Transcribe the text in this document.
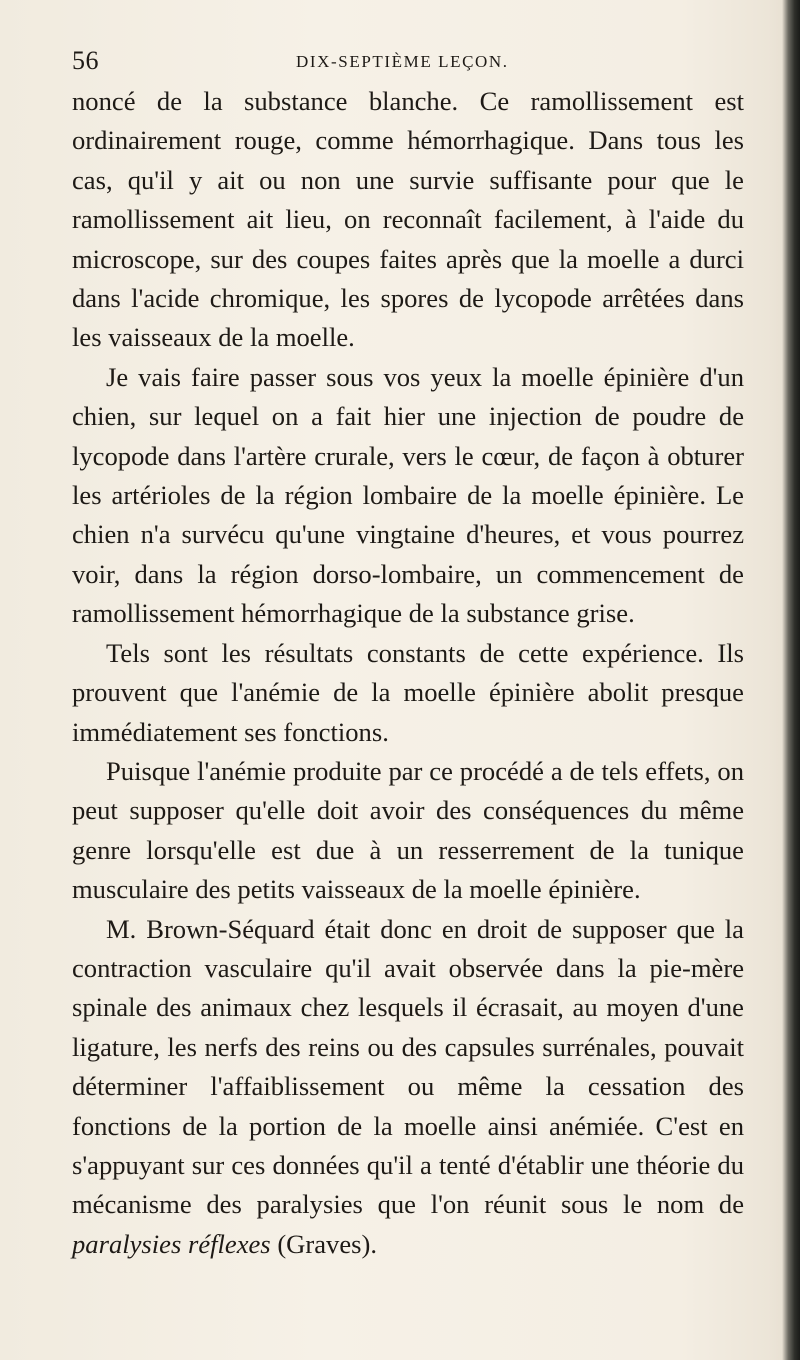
56	DIX-SEPTIÈME LEÇON.

noncé de la substance blanche. Ce ramollissement est ordinairement rouge, comme hémorrhagique. Dans tous les cas, qu'il y ait ou non une survie suffisante pour que le ramollissement ait lieu, on reconnaît facilement, à l'aide du microscope, sur des coupes faites après que la moelle a durci dans l'acide chromique, les spores de lycopode arrêtées dans les vaisseaux de la moelle.

Je vais faire passer sous vos yeux la moelle épinière d'un chien, sur lequel on a fait hier une injection de poudre de lycopode dans l'artère crurale, vers le cœur, de façon à obturer les artérioles de la région lombaire de la moelle épinière. Le chien n'a survécu qu'une vingtaine d'heures, et vous pourrez voir, dans la région dorso-lombaire, un commencement de ramollissement hémorrhagique de la substance grise.

Tels sont les résultats constants de cette expérience. Ils prouvent que l'anémie de la moelle épinière abolit presque immédiatement ses fonctions.

Puisque l'anémie produite par ce procédé a de tels effets, on peut supposer qu'elle doit avoir des conséquences du même genre lorsqu'elle est due à un resserrement de la tunique musculaire des petits vaisseaux de la moelle épinière.

M. Brown-Séquard était donc en droit de supposer que la contraction vasculaire qu'il avait observée dans la pie-mère spinale des animaux chez lesquels il écrasait, au moyen d'une ligature, les nerfs des reins ou des capsules surrénales, pouvait déterminer l'affaiblissement ou même la cessation des fonctions de la portion de la moelle ainsi anémiée. C'est en s'appuyant sur ces données qu'il a tenté d'établir une théorie du mécanisme des paralysies que l'on réunit sous le nom de paralysies réflexes (Graves).
